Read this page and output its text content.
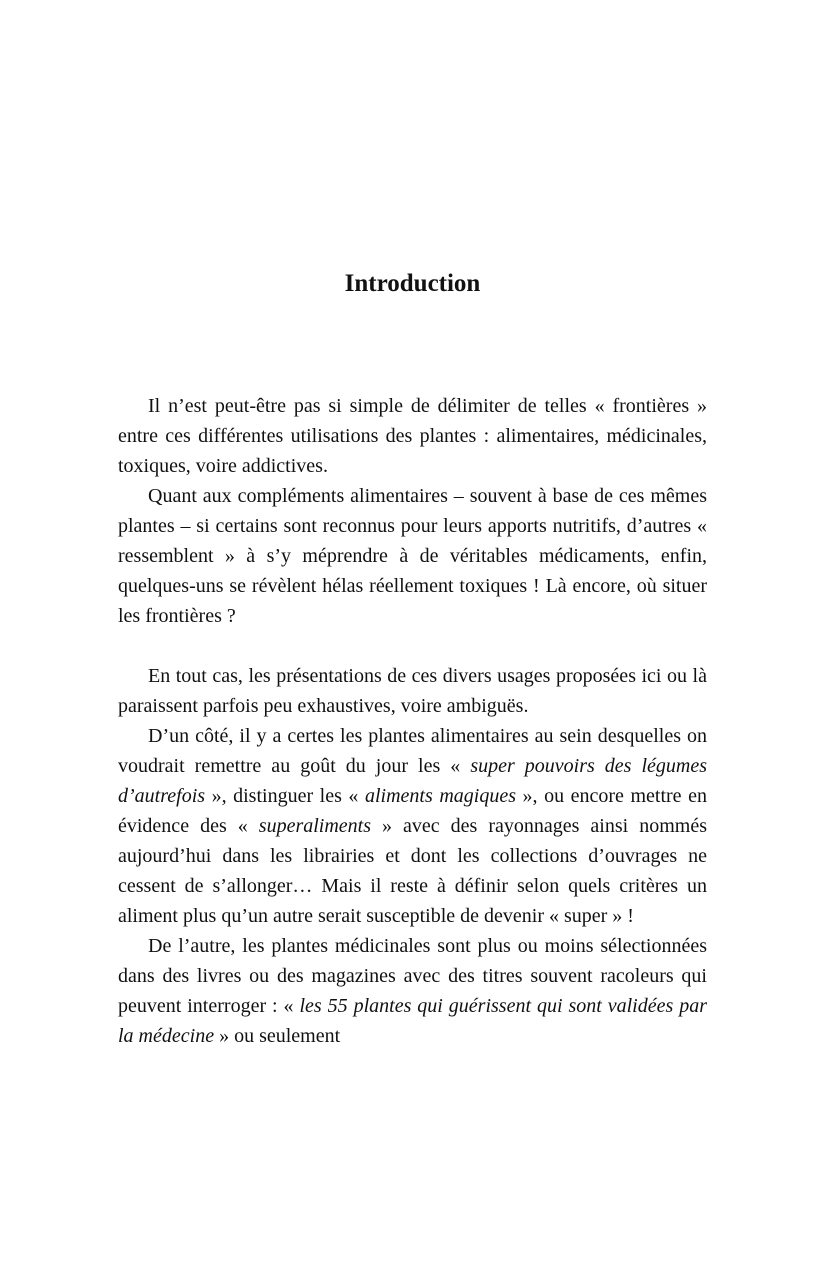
Introduction

Il n’est peut-être pas si simple de délimiter de telles « frontières » entre ces différentes utilisations des plantes : alimentaires, médicinales, toxiques, voire addictives.

Quant aux compléments alimentaires – souvent à base de ces mêmes plantes – si certains sont reconnus pour leurs apports nutritifs, d’autres « ressemblent » à s’y méprendre à de véritables médicaments, enfin, quelques-uns se révèlent hélas réellement toxiques ! Là encore, où situer les frontières ?

En tout cas, les présentations de ces divers usages proposées ici ou là paraissent parfois peu exhaustives, voire ambiguës.

D’un côté, il y a certes les plantes alimentaires au sein desquelles on voudrait remettre au goût du jour les « super pouvoirs des légumes d’autrefois », distinguer les « aliments magiques », ou encore mettre en évidence des « superaliments » avec des rayonnages ainsi nommés aujourd’hui dans les librairies et dont les collections d’ouvrages ne cessent de s’allonger… Mais il reste à définir selon quels critères un aliment plus qu’un autre serait susceptible de devenir « super » !

De l’autre, les plantes médicinales sont plus ou moins sélectionnées dans des livres ou des magazines avec des titres souvent racoleurs qui peuvent interroger : « les 55 plantes qui guérissent qui sont validées par la médecine » ou seulement
